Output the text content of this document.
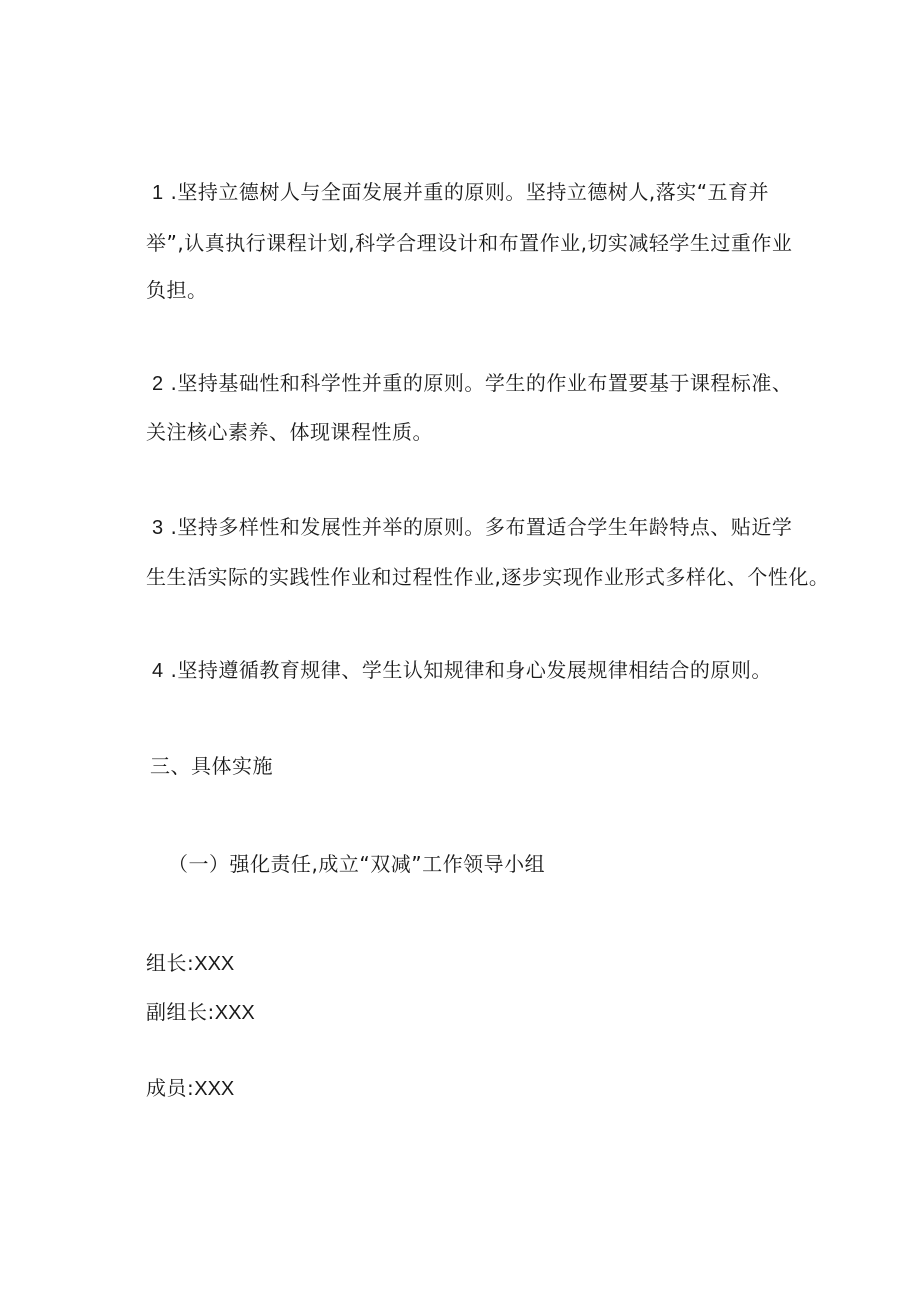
1 .坚持立德树人与全面发展并重的原则。坚持立德树人,落实“五育并

举”,认真执行课程计划,科学合理设计和布置作业,切实减轻学生过重作业

负担。

2 .坚持基础性和科学性并重的原则。学生的作业布置要基于课程标准、

关注核心素养、体现课程性质。

3 .坚持多样性和发展性并举的原则。多布置适合学生年龄特点、贴近学

生生活实际的实践性作业和过程性作业,逐步实现作业形式多样化、个性化。

4 .坚持遵循教育规律、学生认知规律和身心发展规律相结合的原则。

三、具体实施

（一）强化责任,成立“双减”工作领导小组

组长:XXX

副组长:XXX

成员:XXX
